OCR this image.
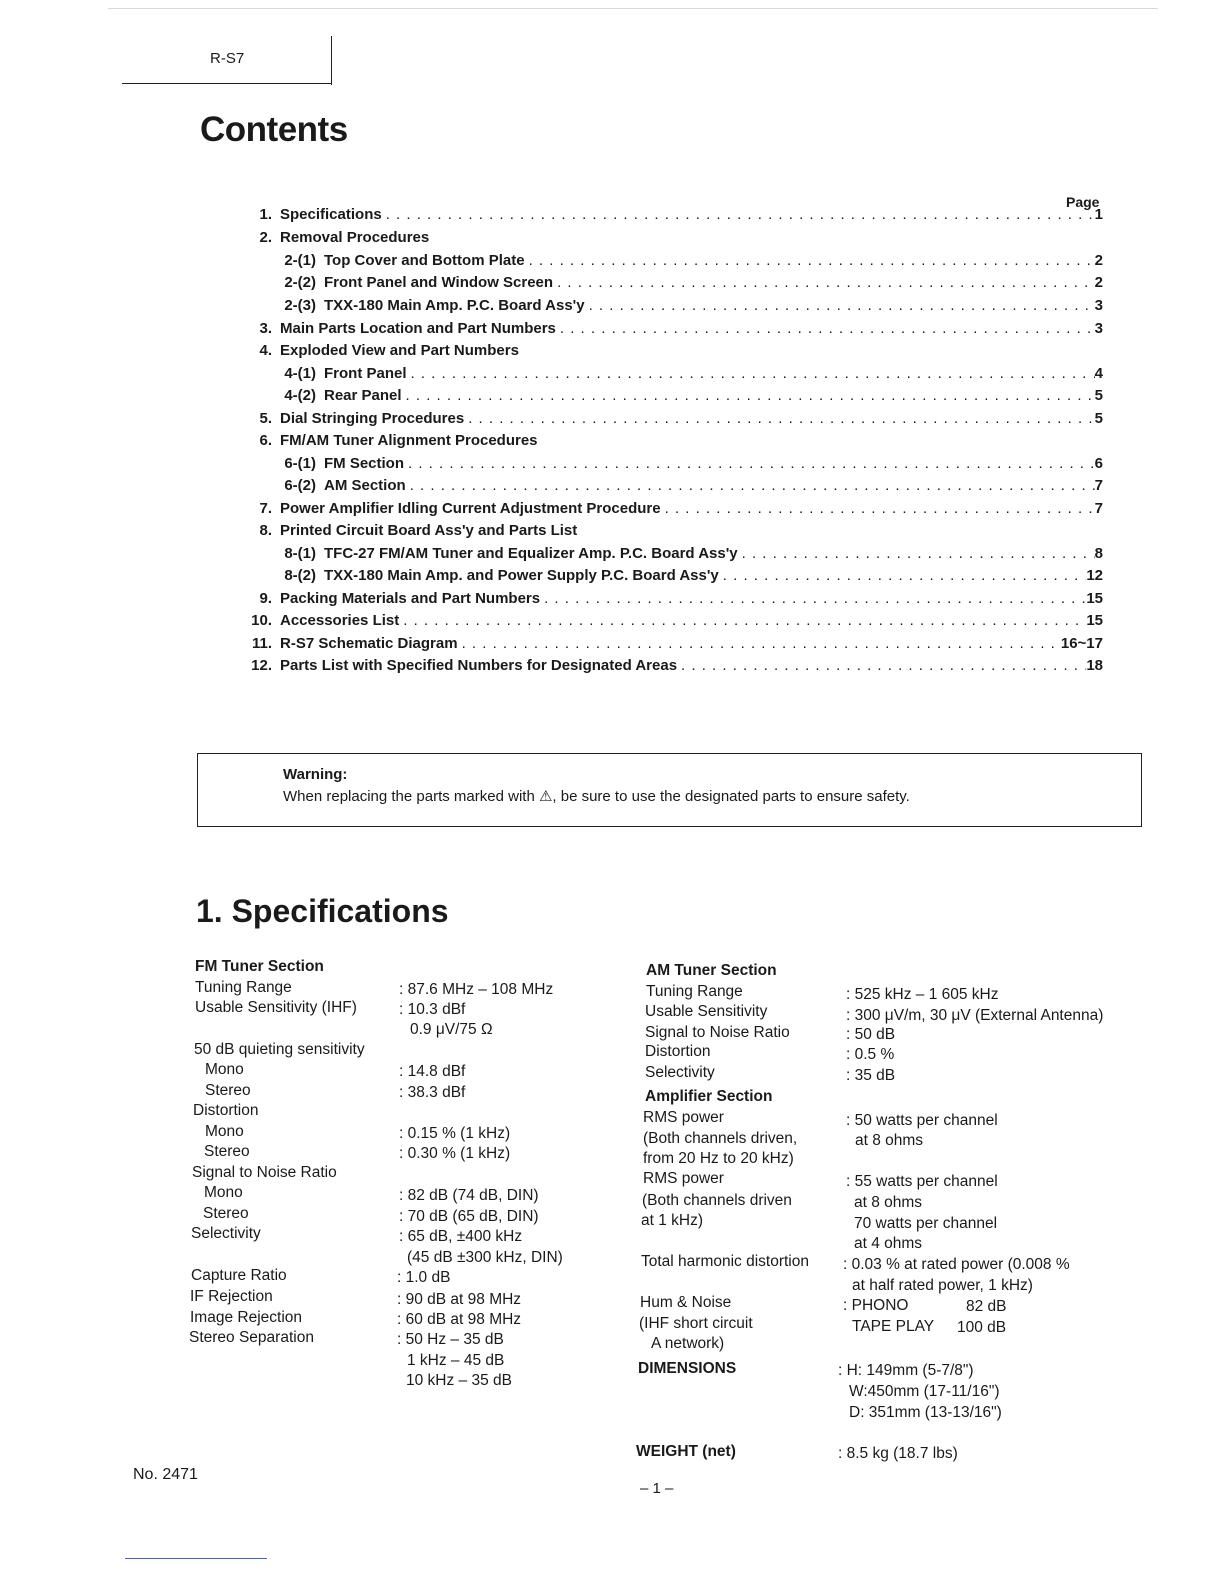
R-S7
Contents
Page
1. Specifications . . .	1
2. Removal Procedures
2-(1) Top Cover and Bottom Plate . . .	2
2-(2) Front Panel and Window Screen . . .	2
2-(3) TXX-180 Main Amp. P.C. Board Ass'y . . .	3
3. Main Parts Location and Part Numbers . . .	3
4. Exploded View and Part Numbers
4-(1) Front Panel . . .	4
4-(2) Rear Panel . . .	5
5. Dial Stringing Procedures . . .	5
6. FM/AM Tuner Alignment Procedures
6-(1) FM Section . . .	6
6-(2) AM Section . . .	7
7. Power Amplifier Idling Current Adjustment Procedure . . .	7
8. Printed Circuit Board Ass'y and Parts List
8-(1) TFC-27 FM/AM Tuner and Equalizer Amp. P.C. Board Ass'y . . .	8
8-(2) TXX-180 Main Amp. and Power Supply P.C. Board Ass'y . . .	12
9. Packing Materials and Part Numbers . . .	15
10. Accessories List . . .	15
11. R-S7 Schematic Diagram . . .	16~17
12. Parts List with Specified Numbers for Designated Areas . . .	18
Warning:
When replacing the parts marked with ⚠, be sure to use the designated parts to ensure safety.
1. Specifications
FM Tuner Section
Tuning Range	: 87.6 MHz – 108 MHz
Usable Sensitivity (IHF)	: 10.3 dBf
0.9 μV/75 Ω
50 dB quieting sensitivity
Mono	: 14.8 dBf
Stereo	: 38.3 dBf
Distortion
Mono	: 0.15 % (1 kHz)
Stereo	: 0.30 % (1 kHz)
Signal to Noise Ratio
Mono	: 82 dB (74 dB, DIN)
Stereo	: 70 dB (65 dB, DIN)
Selectivity	: 65 dB, ±400 kHz
(45 dB ±300 kHz, DIN)
Capture Ratio	: 1.0 dB
IF Rejection	: 90 dB at 98 MHz
Image Rejection	: 60 dB at 98 MHz
Stereo Separation	: 50 Hz – 35 dB
1 kHz – 45 dB
10 kHz – 35 dB
AM Tuner Section
Tuning Range	: 525 kHz – 1 605 kHz
Usable Sensitivity	: 300 μV/m, 30 μV (External Antenna)
Signal to Noise Ratio	: 50 dB
Distortion	: 0.5 %
Selectivity	: 35 dB
Amplifier Section
RMS power	: 50 watts per channel
(Both channels driven,	at 8 ohms
from 20 Hz to 20 kHz)
RMS power	: 55 watts per channel
(Both channels driven	at 8 ohms
at 1 kHz)	70 watts per channel
at 4 ohms
Total harmonic distortion : 0.03 % at rated power (0.008 %
at half rated power, 1 kHz)
Hum & Noise	: PHONO	82 dB
(IHF short circuit	TAPE PLAY 100 dB
A network)
DIMENSIONS	: H: 149mm (5-7/8")
W:450mm (17-11/16")
D: 351mm (13-13/16")
WEIGHT (net)	: 8.5 kg (18.7 lbs)
No. 2471
– 1 –
